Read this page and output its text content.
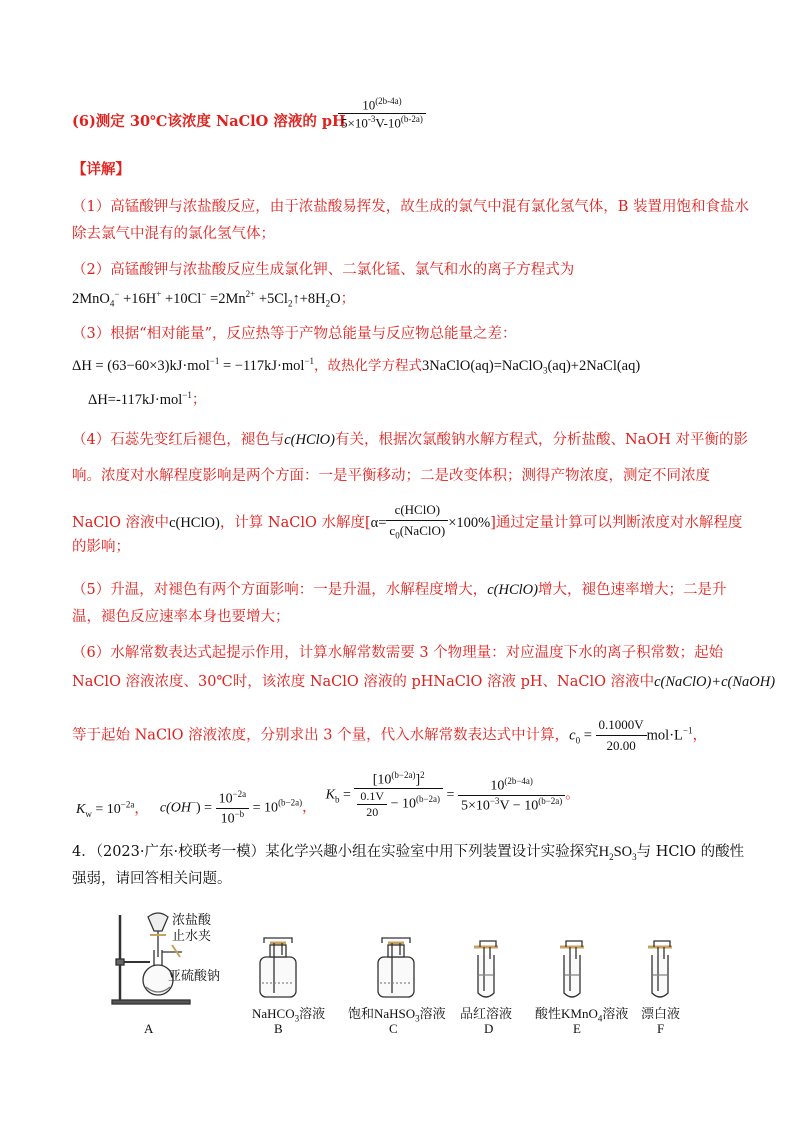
(6)测定 30℃该浓度 NaClO 溶液的 pH
$\frac{10^{(2b-4a)}}{5\times 10^{-3}V-10^{(b-2a)}}$
【详解】
（1）高锰酸钾与浓盐酸反应，由于浓盐酸易挥发，故生成的氯气中混有氯化氢气体，B 装置用饱和食盐水
除去氯气中混有的氯化氢气体；
（2）高锰酸钾与浓盐酸反应生成氯化钾、二氯化锰、氯气和水的离子方程式为
$2MnO_4^- +16H^+ +10Cl^- =2Mn^{2+}$ $+5Cl_2↑+8H_2O$；
（3）根据“相对能量”，反应热等于产物总能量与反应物总能量之差：
ΔH = (63−60×3)kJ·mol$^{-1}$ = −117kJ·mol$^{-1}$，故热化学方程式3NaClO(aq)=NaClO$_3$(aq)+2NaCl(aq)
ΔH=-117kJ·mol$^{-1}$；
（4）石蕊先变红后褪色，褪色与c(HClO)有关，根据次氯酸钠水解方程式，分析盐酸、NaOH 对平衡的影
响。浓度对水解程度影响是两个方面：一是平衡移动；二是改变体积；测得产物浓度，测定不同浓度
NaClO 溶液中c(HClO)，计算 NaClO 水解度$[\alpha= \frac{\text{c(HClO)}}{c_0(NaClO)} \times 100\%]$通过定量计算可以判断浓度对水解程度
的影响；
（5）升温，对褪色有两个方面影响：一是升温，水解程度增大，c(HClO)增大，褪色速率增大；二是升
温，褪色反应速率本身也要增大；
（6）水解常数表达式起提示作用，计算水解常数需要 3 个物理量：对应温度下水的离子积常数；起始
NaClO 溶液浓度、30℃时，该浓度 NaClO 溶液的 pHNaClO 溶液 pH、NaClO 溶液中c(NaClO)+c(NaOH)
等于起始 NaClO 溶液浓度，分别求出 3 个量，代入水解常数表达式中计算，$c_0 = \frac{0.1000V}{20.00} mol\cdot L^{-1}$，
$K_w = 10^{-2a}$， $c(OH^-) = \frac{10^{-2a}}{10^{-b}} = 10^{(b-2a)}$， $K_b = \frac{[10^{(b-2a)}]^2}{\frac{0.1V}{20} - 10^{(b-2a)}} = \frac{10^{(2b-4a)}}{5\times 10^{-3}V - 10^{(b-2a)}}$ 。
4．（2023·广东·校联考一模）某化学兴趣小组在实验室中用下列装置设计实验探究$H_2SO_3$与 HClO 的酸性
强弱，请回答相关问题。
浓盐酸
止水夹
亚硫酸钠
A
NaHCO$_3$溶液
B
饱和NaHSO$_3$溶液
C
品红溶液
D
酸性KMnO$_4$溶液
E
漂白液
F
